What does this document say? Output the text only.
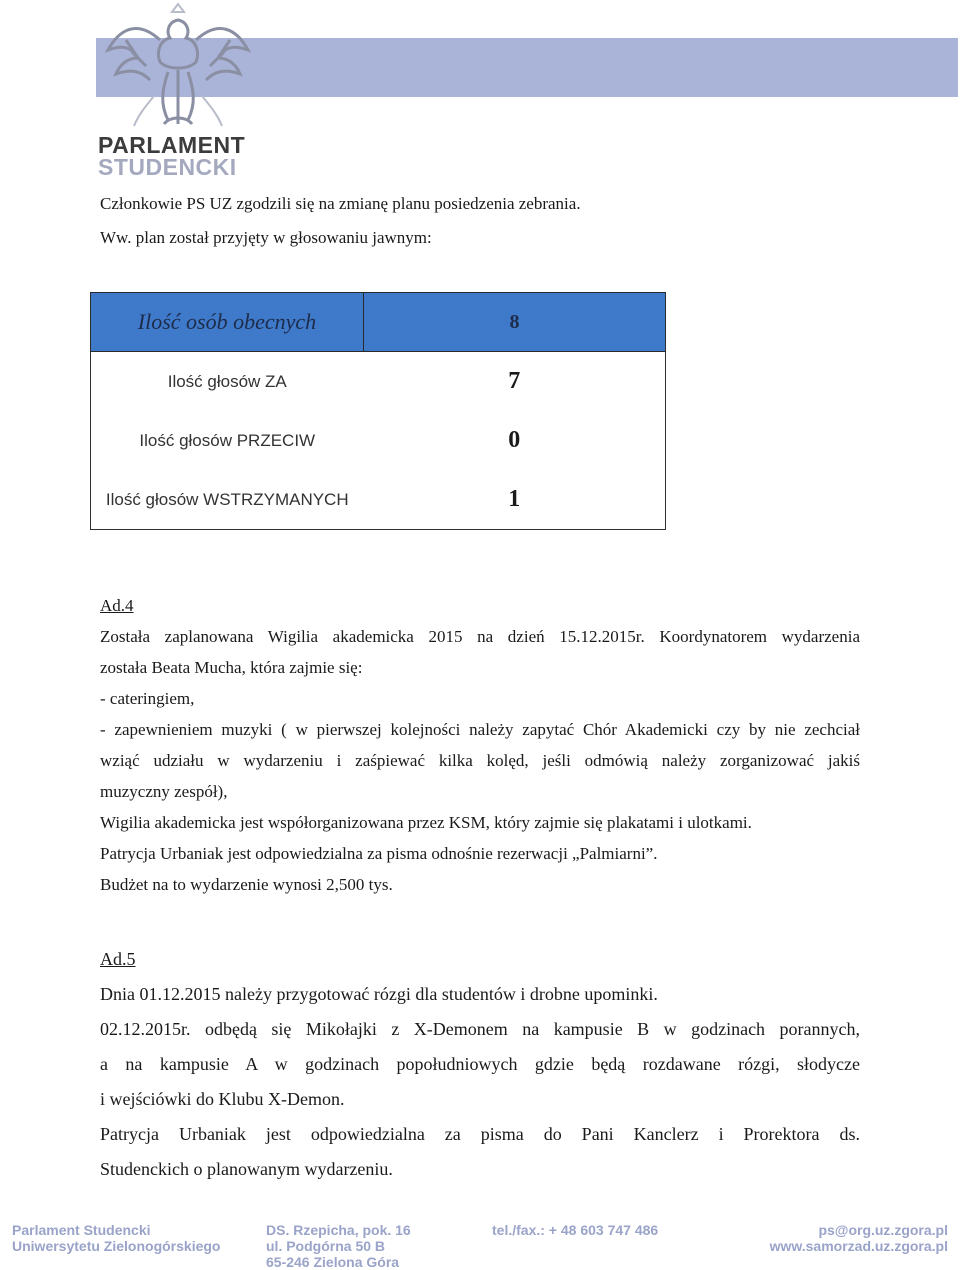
PARLAMENT
STUDENCKI
Członkowie PS UZ zgodzili się na zmianę planu posiedzenia zebrania.
Ww. plan został przyjęty w głosowaniu jawnym:
Ilość osób obecnych	8
Ilość głosów ZA	7
Ilość głosów PRZECIW	0
Ilość głosów WSTRZYMANYCH	1
Ad.4
Została zaplanowana Wigilia akademicka 2015 na dzień 15.12.2015r. Koordynatorem wydarzenia
została Beata Mucha, która zajmie się:
- cateringiem,
- zapewnieniem muzyki ( w pierwszej kolejności należy zapytać Chór Akademicki czy by nie zechciał
wziąć udziału w wydarzeniu i zaśpiewać kilka kolęd, jeśli odmówią należy zorganizować jakiś
muzyczny zespół),
Wigilia akademicka jest współorganizowana przez KSM, który zajmie się plakatami i ulotkami.
Patrycja Urbaniak jest odpowiedzialna za pisma odnośnie rezerwacji „Palmiarni”.
Budżet na to wydarzenie wynosi 2,500 tys.
Ad.5
Dnia 01.12.2015 należy przygotować rózgi dla studentów i drobne upominki.
02.12.2015r. odbędą się Mikołajki z X-Demonem na kampusie B w godzinach porannych,
a na kampusie A w godzinach popołudniowych gdzie będą rozdawane rózgi, słodycze
i wejściówki do Klubu X-Demon.
Patrycja Urbaniak jest odpowiedzialna za pisma do Pani Kanclerz i Prorektora ds.
Studenckich o planowanym wydarzeniu.
Parlament Studencki
Uniwersytetu Zielonogórskiego
DS. Rzepicha, pok. 16
ul. Podgórna 50 B
65-246 Zielona Góra
tel./fax.: + 48 603 747 486	ps@org.uz.zgora.pl
www.samorzad.uz.zgora.pl
